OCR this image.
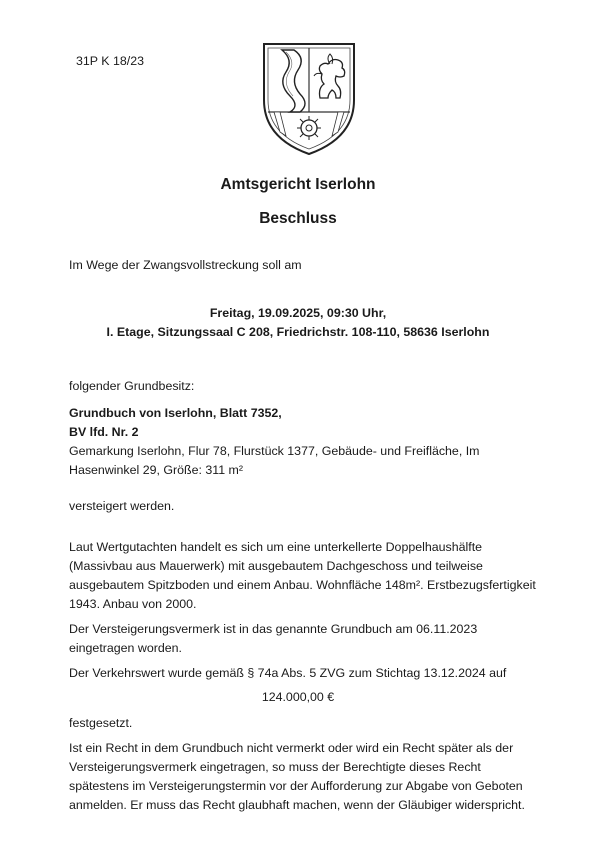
31P K 18/23
Amtsgericht Iserlohn
Beschluss

Im Wege der Zwangsvollstreckung soll am

Freitag, 19.09.2025, 09:30 Uhr,

I. Etage, Sitzungssaal C 208, Friedrichstr. 108-110, 58636 Iserlohn

folgender Grundbesitz:

Grundbuch von Iserlohn, Blatt 7352,

BV lfd. Nr. 2

Gemarkung Iserlohn, Flur 78, Flurstück 1377, Gebäude- und Freifläche, Im

Hasenwinkel 29, Größe: 311 m²

versteigert werden.

Laut Wertgutachten handelt es sich um eine unterkellerte Doppelhaushälfte (Massivbau aus Mauerwerk) mit ausgebautem Dachgeschoss und teilweise ausgebautem Spitzboden und einem Anbau. Wohnfläche 148m². Erstbezugsfertigkeit 1943. Anbau von 2000.

Der Versteigerungsvermerk ist in das genannte Grundbuch am 06.11.2023 eingetragen worden.

Der Verkehrswert wurde gemäß § 74a Abs. 5 ZVG zum Stichtag 13.12.2024 auf

124.000,00 €

festgesetzt.

Ist ein Recht in dem Grundbuch nicht vermerkt oder wird ein Recht später als der Versteigerungsvermerk eingetragen, so muss der Berechtigte dieses Recht spätestens im Versteigerungstermin vor der Aufforderung zur Abgabe von Geboten anmelden. Er muss das Recht glaubhaft machen, wenn der Gläubiger widerspricht.
